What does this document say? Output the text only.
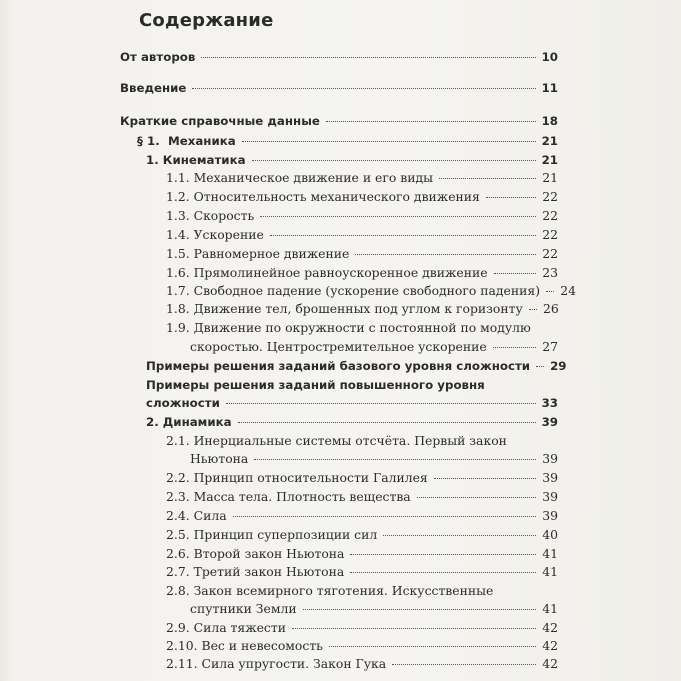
Содержание
От авторов	10
Введение	11
Краткие справочные данные	18
§ 1. Механика	21
1. Кинематика	21
1.1. Механическое движение и его виды	21
1.2. Относительность механического движения	22
1.3. Скорость	22
1.4. Ускорение	22
1.5. Равномерное движение	22
1.6. Прямолинейное равноускоренное движение	23
1.7. Свободное падение (ускорение свободного падения) 24
1.8. Движение тел, брошенных под углом к горизонту 26
1.9. Движение по окружности с постоянной по модулю
скоростью. Центростремительное ускорение	27
Примеры решения заданий базового уровня сложности 29
Примеры решения заданий повышенного уровня
сложности	33
2. Динамика	39
2.1. Инерциальные системы отсчёта. Первый закон
Ньютона	39
2.2. Принцип относительности Галилея	39
2.3. Масса тела. Плотность вещества	39
2.4. Сила	39
2.5. Принцип суперпозиции сил	40
2.6. Второй закон Ньютона	41
2.7. Третий закон Ньютона	41
2.8. Закон всемирного тяготения. Искусственные
спутники Земли	41
2.9. Сила тяжести	42
2.10. Вес и невесомость	42
2.11. Сила упругости. Закон Гука	42
